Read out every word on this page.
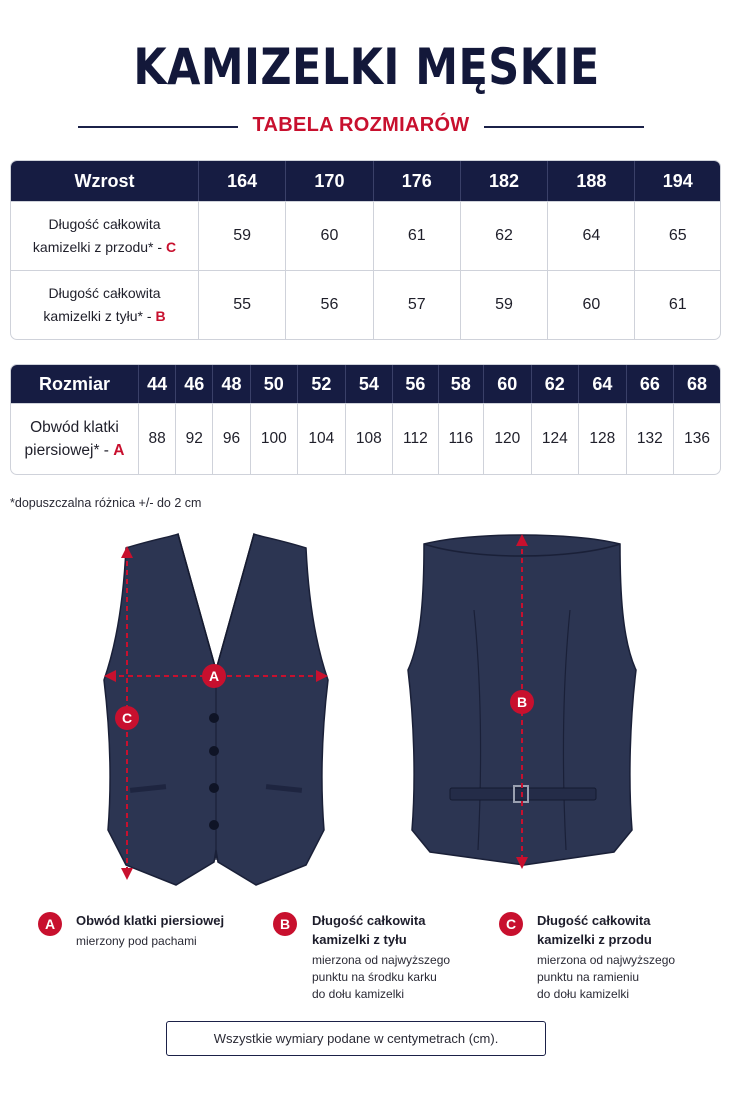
KAMIZELKI MĘSKIE
TABELA ROZMIARÓW
Wzrost	164	170	176	182	188	194
Długość całkowita
kamizelki z przodu* - C	59	60	61	62	64	65
Długość całkowita
kamizelki z tyłu* - B	55	56	57	59	60	61
Rozmiar	44	46	48	50	52	54	56	58	60	62	64	66	68
Obwód klatki
piersiowej* - A	88	92	96	100	104	108	112	116	120	124	128	132	136
*dopuszczalna różnica +/- do 2 cm
A
C
B
A	Obwód klatki piersiowej
mierzony pod pachami
B	Długość całkowita
kamizelki z tyłu
mierzona od najwyższego
punktu na środku karku
do dołu kamizelki
C	Długość całkowita
kamizelki z przodu
mierzona od najwyższego
punktu na ramieniu
do dołu kamizelki
Wszystkie wymiary podane w centymetrach (cm).
